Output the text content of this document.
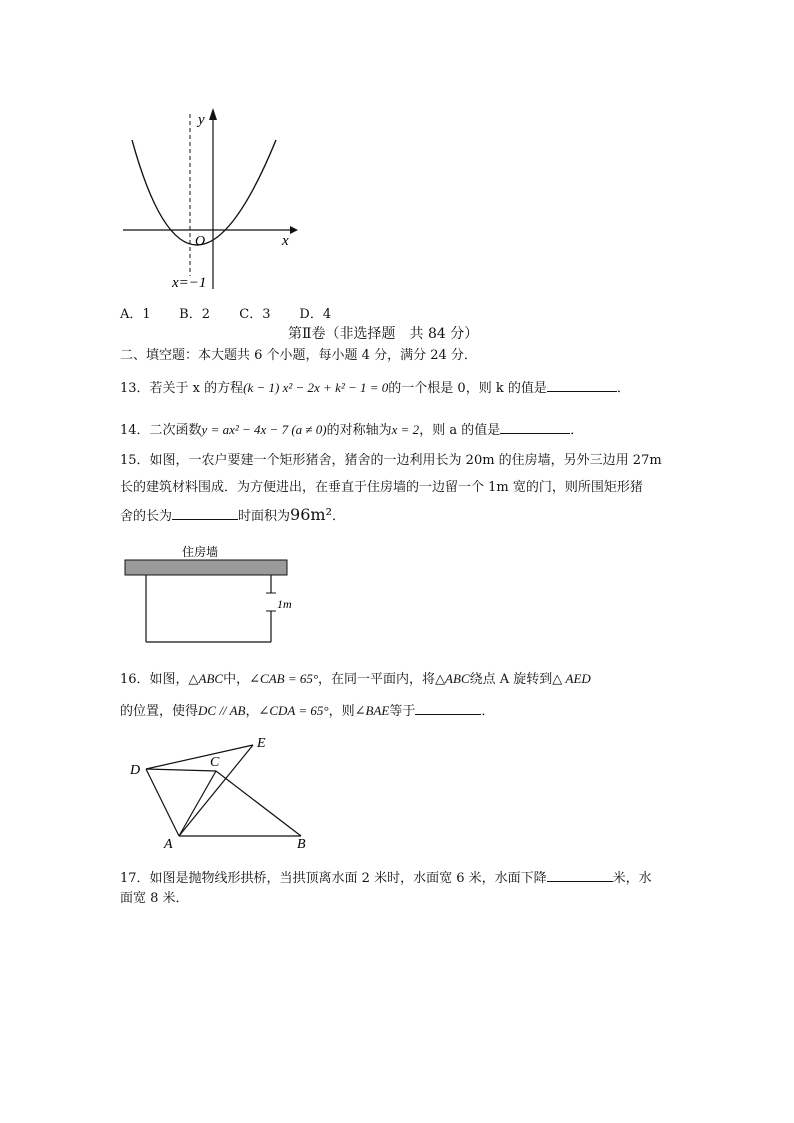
y
x
O
x=−1
A．1 B．2 C．3 D．4
第Ⅱ卷（非选择题　共 84 分）
二、填空题：本大题共 6 个小题，每小题 4 分，满分 24 分．
13．若关于 x 的方程(k − 1) x² − 2x + k² − 1 = 0的一个根是 0，则 k 的值是	．
14．二次函数y = ax² − 4x − 7 (a ≠ 0)的对称轴为x = 2，则 a 的值是	．
15．如图，一农户要建一个矩形猪舍，猪舍的一边利用长为 20m 的住房墙，另外三边用 27m
长的建筑材料围成．为方便进出，在垂直于住房墙的一边留一个 1m 宽的门，则所围矩形猪
舍的长为	时面积为96m²．
住房墙
1m
16．如图，△ABC中，∠CAB = 65°，在同一平面内，将△ABC绕点 A 旋转到△ AED
的位置，使得DC // AB，∠CDA = 65°，则∠BAE等于	．
D
C
E
A	B
17．如图是抛物线形拱桥，当拱顶离水面 2 米时，水面宽 6 米，水面下降	米，水
面宽 8 米．
